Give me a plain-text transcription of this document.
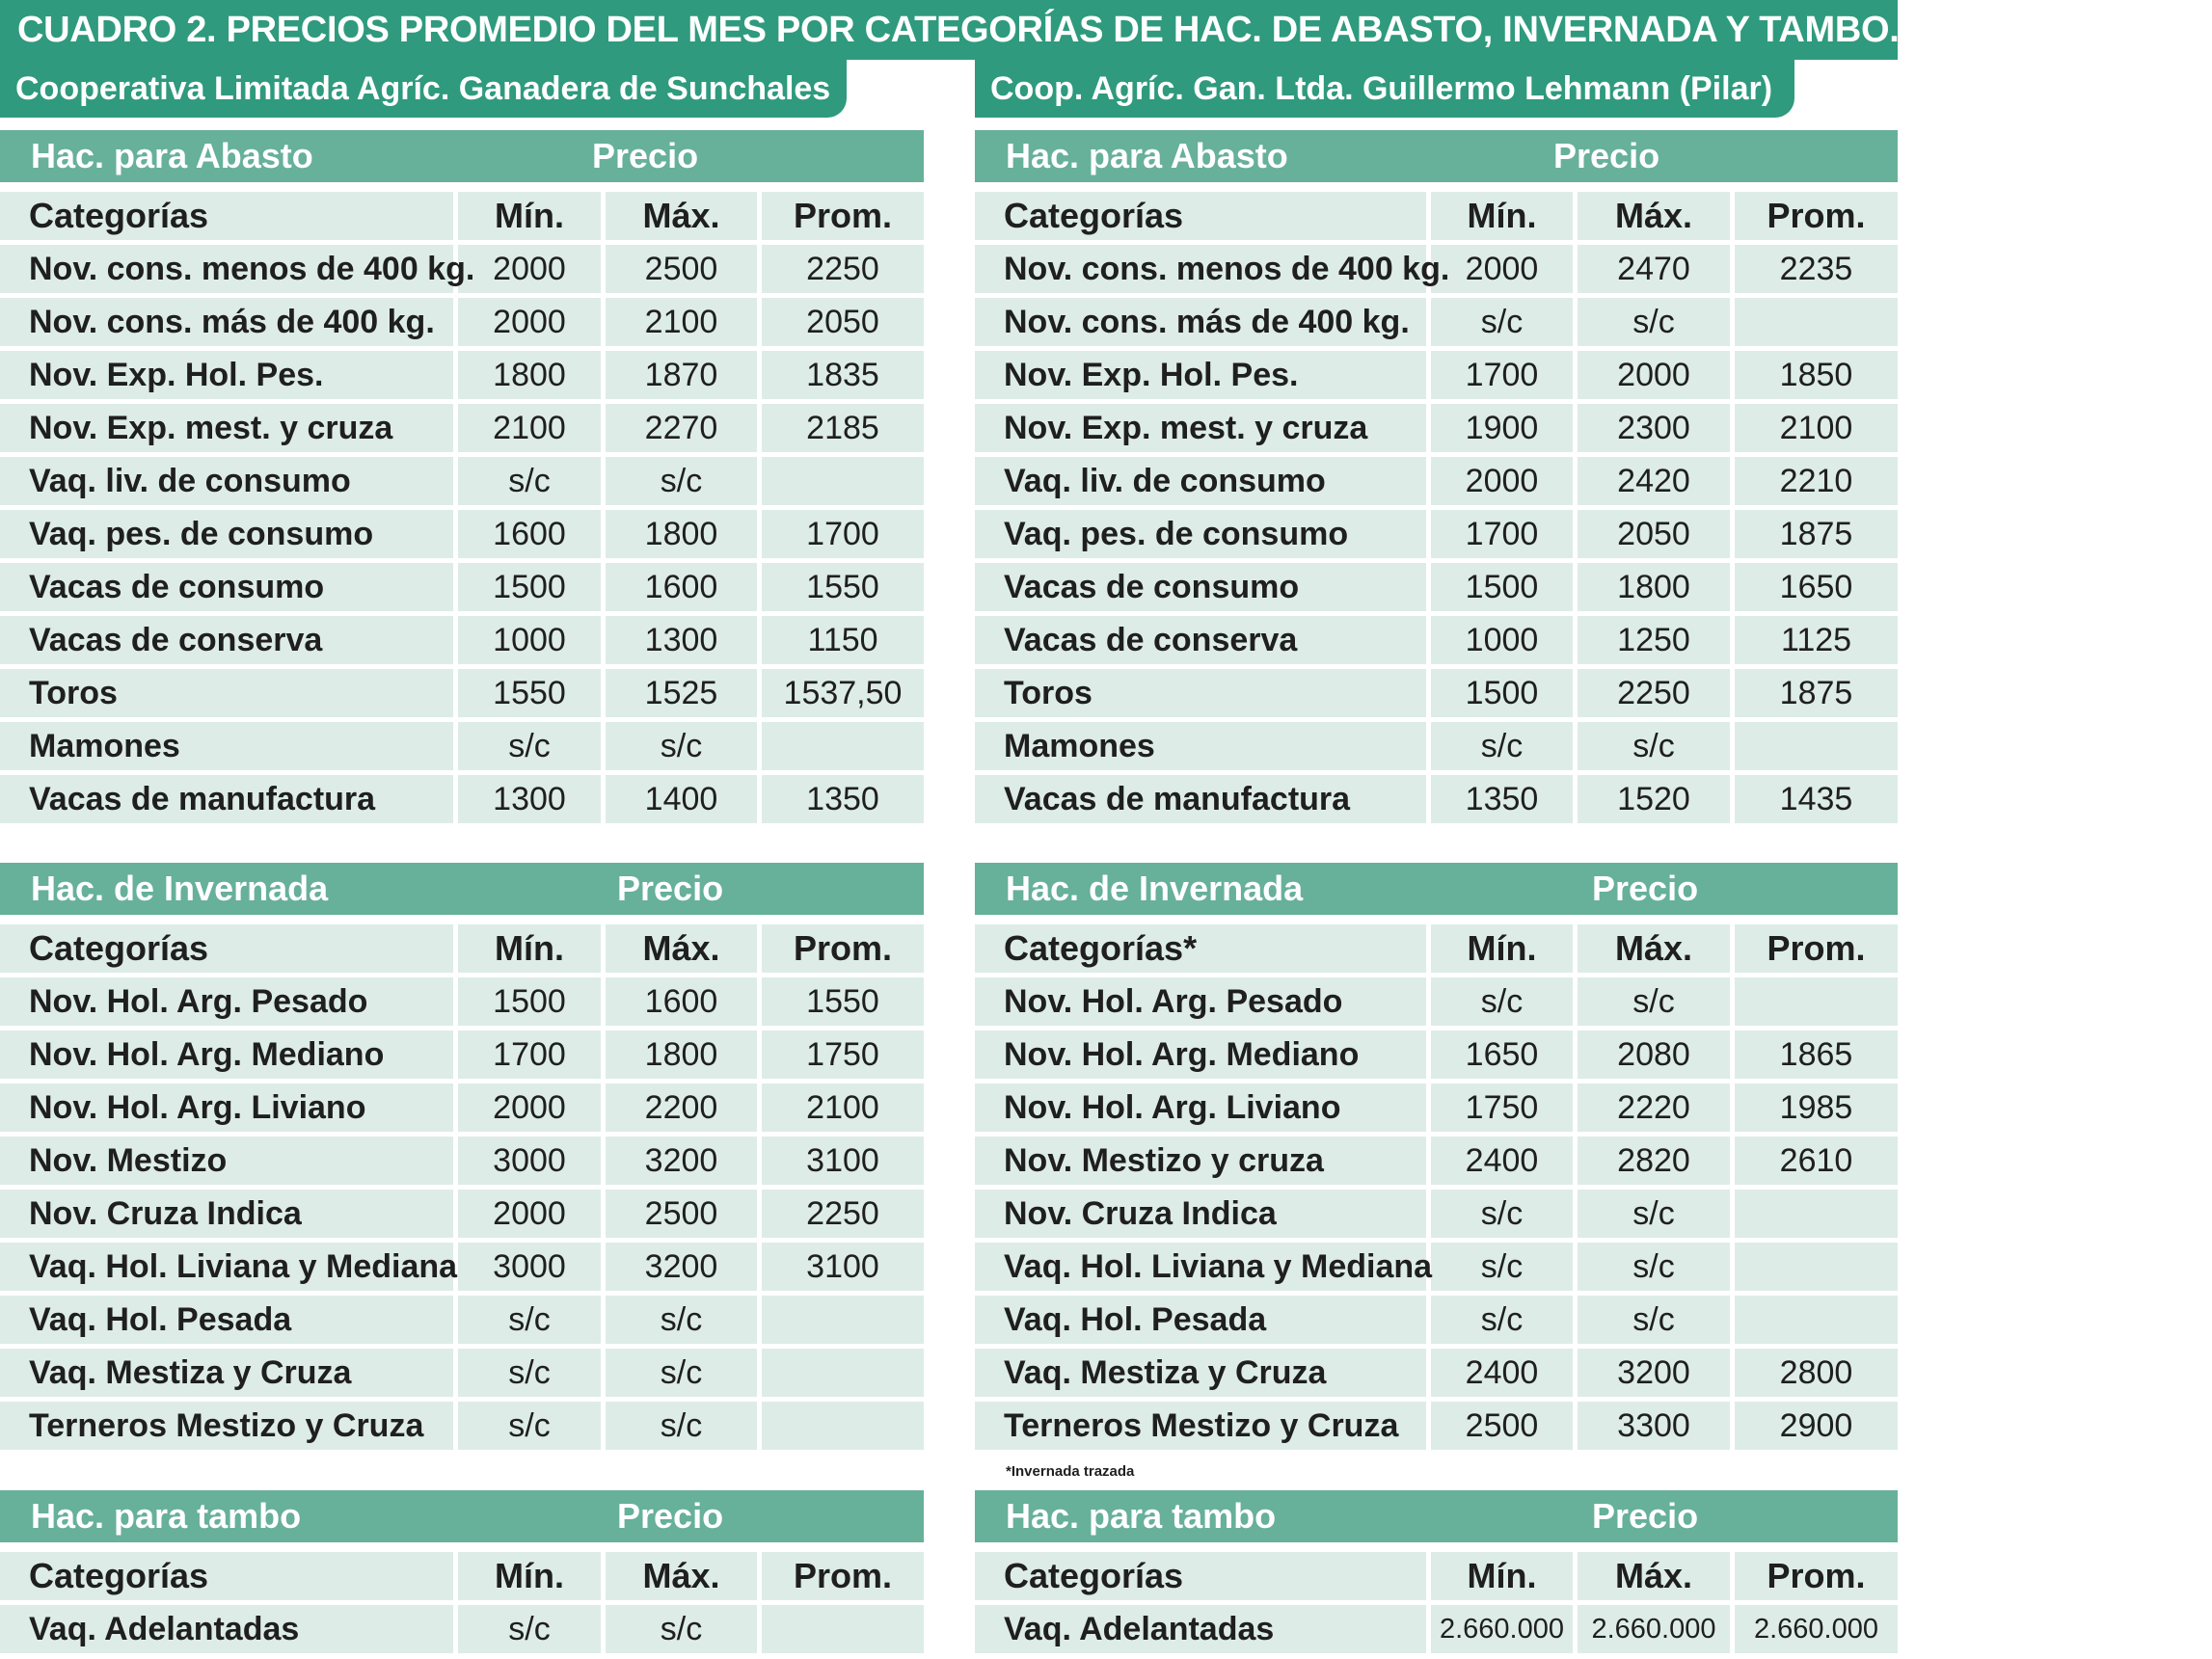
CUADRO 2. PRECIOS PROMEDIO DEL MES POR CATEGORÍAS DE HAC. DE ABASTO, INVERNADA Y TAMBO. DICIEMBRE 2024.
Cooperativa Limitada Agríc. Ganadera de Sunchales	Coop. Agríc. Gan. Ltda. Guillermo Lehmann (Pilar)
Hac. para Abasto	Precio
Categorías	Mín.	Máx.	Prom.
Nov. cons. menos de 400 kg.	2000	2500	2250
Nov. cons. más de 400 kg.	2000	2100	2050
Nov. Exp. Hol. Pes.	1800	1870	1835
Nov. Exp. mest. y cruza	2100	2270	2185
Vaq. liv. de consumo	s/c	s/c	
Vaq. pes. de consumo	1600	1800	1700
Vacas de consumo	1500	1600	1550
Vacas de conserva	1000	1300	1150
Toros	1550	1525	1537,50
Mamones	s/c	s/c	
Vacas de manufactura	1300	1400	1350
Hac. de Invernada	Precio
Categorías	Mín.	Máx.	Prom.
Nov. Hol. Arg. Pesado	1500	1600	1550
Nov. Hol. Arg. Mediano	1700	1800	1750
Nov. Hol. Arg. Liviano	2000	2200	2100
Nov. Mestizo	3000	3200	3100
Nov. Cruza Indica	2000	2500	2250
Vaq. Hol. Liviana y Mediana	3000	3200	3100
Vaq. Hol. Pesada	s/c	s/c	
Vaq. Mestiza y Cruza	s/c	s/c	
Terneros Mestizo y Cruza	s/c	s/c	
Hac. para tambo	Precio
Categorías	Mín.	Máx.	Prom.
Vaq. Adelantadas	s/c	s/c	
Hac. para Abasto	Precio
Categorías	Mín.	Máx.	Prom.
Nov. cons. menos de 400 kg.	2000	2470	2235
Nov. cons. más de 400 kg.	s/c	s/c	
Nov. Exp. Hol. Pes.	1700	2000	1850
Nov. Exp. mest. y cruza	1900	2300	2100
Vaq. liv. de consumo	2000	2420	2210
Vaq. pes. de consumo	1700	2050	1875
Vacas de consumo	1500	1800	1650
Vacas de conserva	1000	1250	1125
Toros	1500	2250	1875
Mamones	s/c	s/c	
Vacas de manufactura	1350	1520	1435
Hac. de Invernada	Precio
Categorías*	Mín.	Máx.	Prom.
Nov. Hol. Arg. Pesado	s/c	s/c	
Nov. Hol. Arg. Mediano	1650	2080	1865
Nov. Hol. Arg. Liviano	1750	2220	1985
Nov. Mestizo y cruza	2400	2820	2610
Nov. Cruza Indica	s/c	s/c	
Vaq. Hol. Liviana y Mediana	s/c	s/c	
Vaq. Hol. Pesada	s/c	s/c	
Vaq. Mestiza y Cruza	2400	3200	2800
Terneros Mestizo y Cruza	2500	3300	2900
Hac. para tambo	Precio
Categorías	Mín.	Máx.	Prom.
Vaq. Adelantadas	2.660.000	2.660.000	2.660.000
*Invernada trazada
